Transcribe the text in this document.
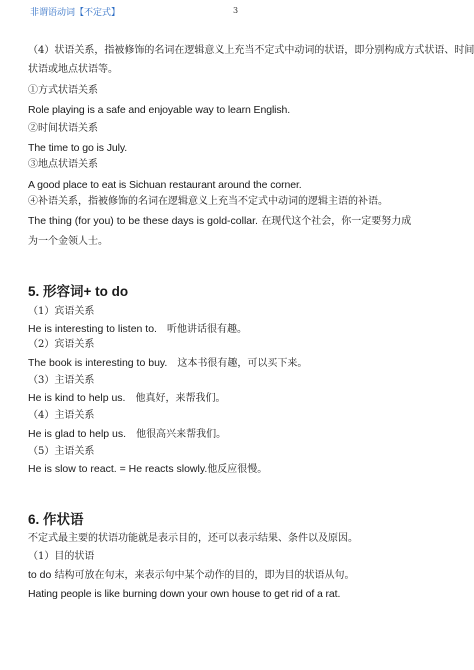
非谓语动词【不定式】	3
（4）状语关系，指被修饰的名词在逻辑意义上充当不定式中动词的状语，即分别构成方式状语、时间
状语或地点状语等。
①方式状语关系
Role playing is a safe and enjoyable way to learn English.
②时间状语关系
The time to go is July.
③地点状语关系
A good place to eat is Sichuan restaurant around the corner.
④补语关系，指被修饰的名词在逻辑意义上充当不定式中动词的逻辑主语的补语。
The thing (for you) to be these days is gold-collar. 在现代这个社会，你一定要努力成
为一个金领人士。
5. 形容词+ to do
（1）宾语关系
He is interesting to listen to. 听他讲话很有趣。
（2）宾语关系
The book is interesting to buy. 这本书很有趣，可以买下来。
（3）主语关系
He is kind to help us. 他真好，来帮我们。
（4）主语关系
He is glad to help us. 他很高兴来帮我们。
（5）主语关系
He is slow to react. = He reacts slowly.他反应很慢。
6. 作状语
不定式最主要的状语功能就是表示目的，还可以表示结果、条件以及原因。
（1）目的状语
to do 结构可放在句末，来表示句中某个动作的目的，即为目的状语从句。
Hating people is like burning down your own house to get rid of a rat.
